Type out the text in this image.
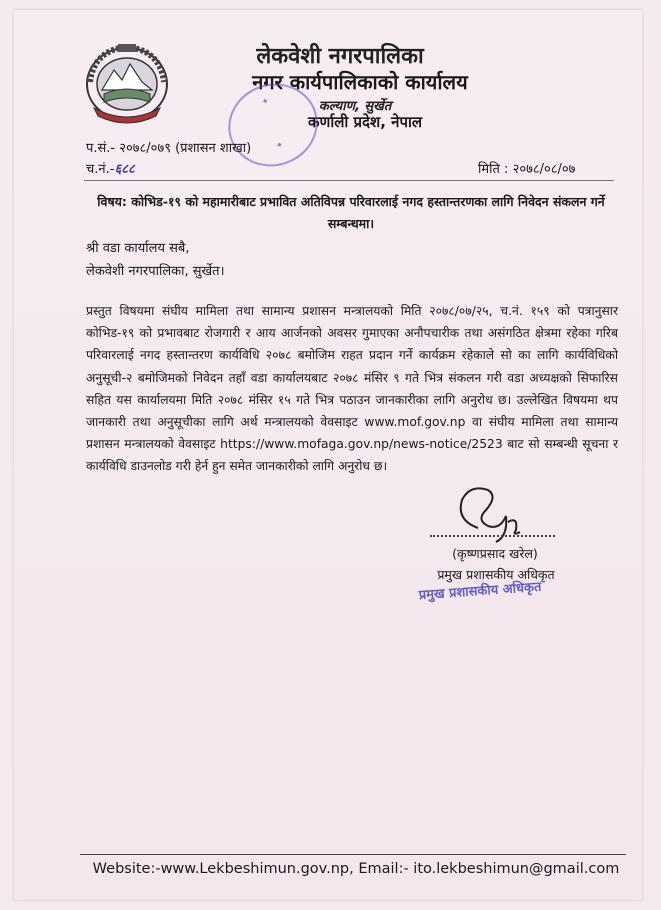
लेकवेशी नगरपालिका
नगर कार्यपालिकाको कार्यालय
कल्याण, सुर्खेत
कर्णाली प्रदेश, नेपाल
✦
✦
प.सं.- २०७८/०७९ (प्रशासन शाखा)
च.नं.-६८८	मिति : २०७८/०८/०७
विषय: कोभिड-१९ को महामारीबाट प्रभावित अतिविपन्न परिवारलाई नगद हस्तान्तरणका लागि निवेदन संकलन गर्ने सम्बन्धमा।
श्री वडा कार्यालय सबै,
लेकवेशी नगरपालिका, सुर्खेत।
प्रस्तुत विषयमा संघीय मामिला तथा सामान्य प्रशासन मन्त्रालयको मिति २०७८/०७/२५, च.नं. १५९ को पत्रानुसार कोभिड-१९ को प्रभावबाट रोजगारी र आय आर्जनको अवसर गुमाएका अनौपचारीक तथा असंगठित क्षेत्रमा रहेका गरिब परिवारलाई नगद हस्तान्तरण कार्यविधि २०७८ बमोजिम राहत प्रदान गर्ने कार्यक्रम रहेकाले सो का लागि कार्यविधिको अनुसूची-२ बमोजिमको निवेदन तहाँ वडा कार्यालयबाट २०७८ मंसिर ९ गते भित्र संकलन गरी वडा अध्यक्षको सिफारिस सहित यस कार्यालयमा मिति २०७८ मंसिर १५ गते भित्र पठाउन जानकारीका लागि अनुरोध छ। उल्लेखित विषयमा थप जानकारी तथा अनुसूचीका लागि अर्थ मन्त्रालयको वेवसाइट www.mof.gov.np वा संघीय मामिला तथा सामान्य प्रशासन मन्त्रालयको वेवसाइट https://www.mofaga.gov.np/news-notice/2523 बाट सो सम्बन्धी सूचना र कार्यविधि डाउनलोड गरी हेर्न हुन समेत जानकारीको लागि अनुरोध छ।
(कृष्णप्रसाद खरेल)
प्रमुख प्रशासकीय अधिकृत
प्रमुख प्रशासकीय अधिकृत
Website:-www.Lekbeshimun.gov.np, Email:- ito.lekbeshimun@gmail.com
